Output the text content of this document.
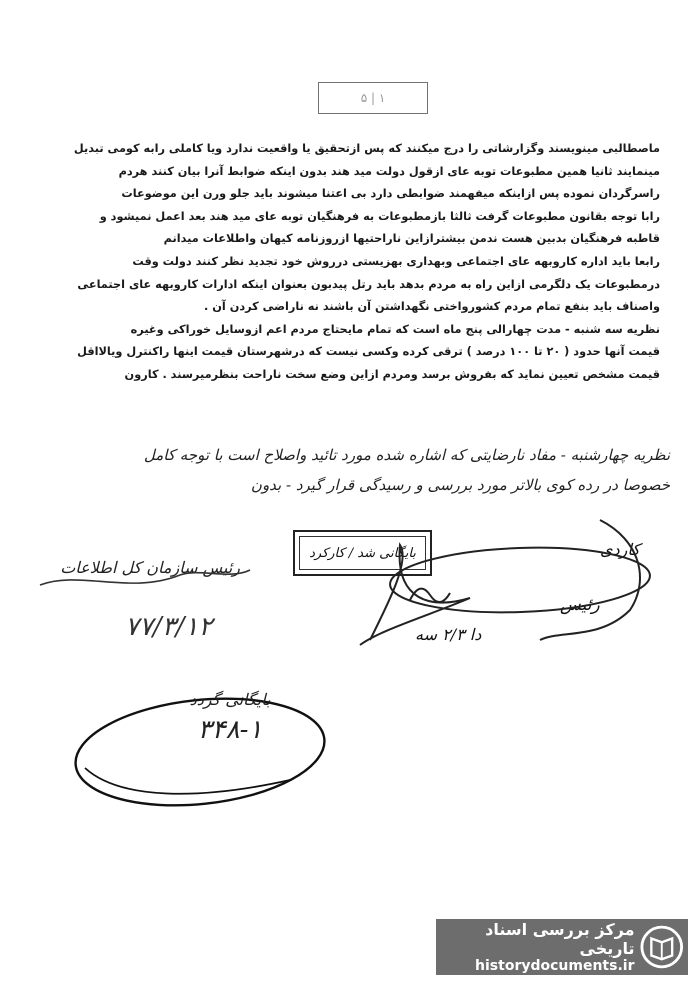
۱ | ۵

ماصطالبی مینویسند وگزارشاتی را درج میکنند که پس ازتحقیق یا واقعیت ندارد ویا کاملی رابه کومی تبدیل
مینمایند ثانیا همین مطبوعات توبه عای ازقول دولت مید هند بدون اینکه ضوابط آنرا بیان کنند هردم
راسرگردان نموده پس ازاینکه میفهمند ضوابطی دارد بی اعتنا میشوند باید جلو ورن این موضوعات
رابا توجه بقانون مطبوعات گرفت ثالثا بازمطبوعات به فرهنگیان توبه عای مید هند بعد اعمل نمیشود و
قاطبه فرهنگیان بدبین هست ندمن بیشترازاین ناراحتیها ازروزنامه کیهان واطلاعات میدانم
رابعا باید اداره کاروبهه عای اجتماعی وبهداری بهزیستی درروش خود تجدید نظر کنند دولت وقت
درمطبوعات یک دلگرمی ازاین راه به مردم بدهد باید رتل پیدبون بعنوان اینکه ادارات کاروبهه عای اجتماعی
واصناف باید بنفع تمام مردم کشورواختی نگهداشتن آن باشند نه ناراضی کردن آن .

نظریه سه شنبه - مدت چهارالی پنج ماه است که تمام مایحتاج مردم اعم ازوسایل خوراکی وغیره
قیمت آنها حدود ( ۲۰ تا ۱۰۰ درصد ) ترقی کرده وکسی نیست که درشهرستان قیمت اینها راکنترل ویالااقل
قیمت مشخص تعیین نماید که بفروش برسد ومردم ازاین وضع سخت ناراحت بنظرمیرسند . کارون

نظریه چهارشنبه - مفاد نارضایتی که اشاره شده مورد تائید واصلاح است با توجه کامل
خصوصا در رده کوی بالاتر مورد بررسی و رسیدگی قرار گیرد - بدون
رئیس سازمان کل اطلاعات
۷۷/۳/۱۲
بایگانی شد / کارکرد	کاردی
رئیس
دا ۲/۳ سه
بایگانی گردد
۳۴۸-۱
مرکز بررسی اسناد تاریخی
historydocuments.ir
